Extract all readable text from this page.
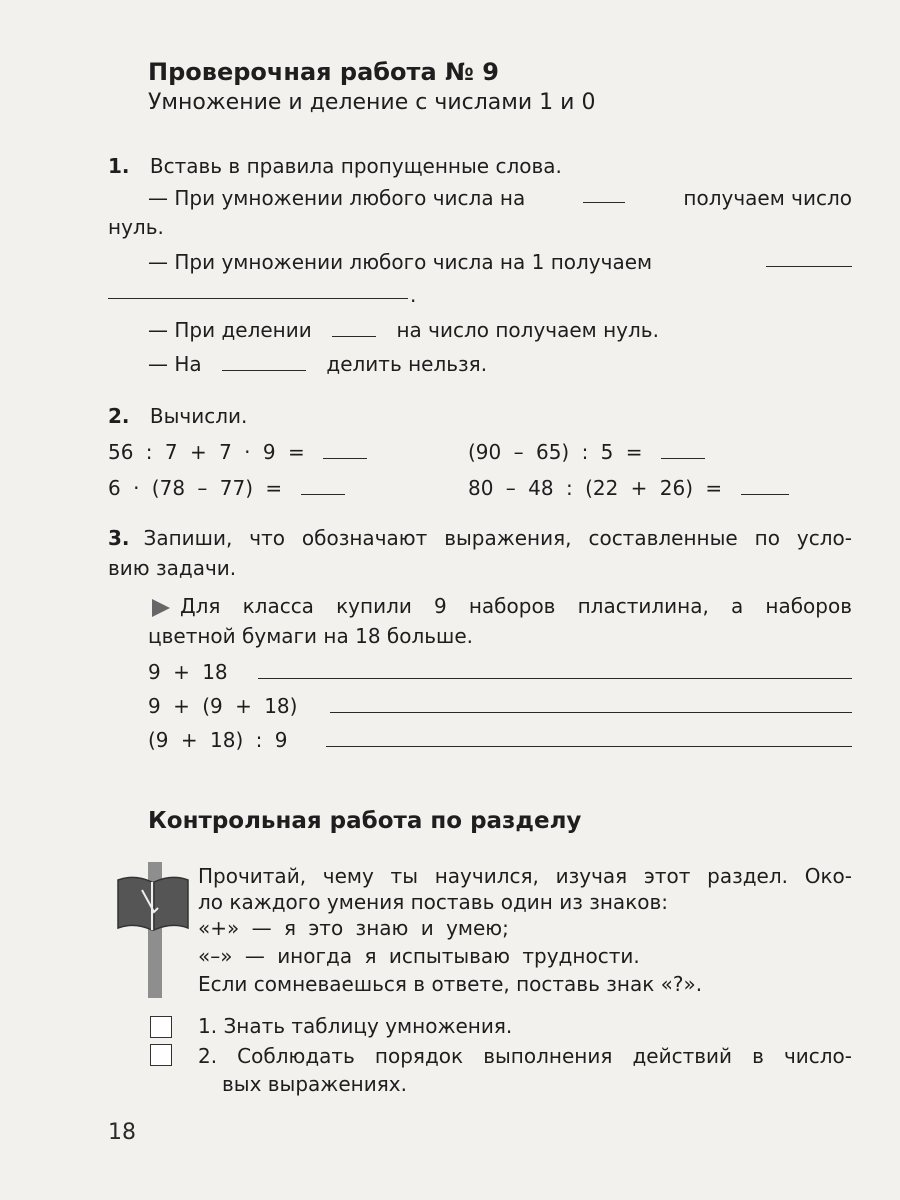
Проверочная работа № 9
Умножение и деление с числами 1 и 0
1. Вставь в правила пропущенные слова.
— При умножении любого числа на	получаем число
нуль.
— При умножении любого числа на 1 получаем
.
— При делении	на число получаем нуль.
— На	делить нельзя.
2. Вычисли.
56 : 7 + 7 · 9 =	(90 – 65) : 5 =
6 · (78 – 77) =	80 – 48 : (22 + 26) =
3. Запиши, что обозначают выражения, составленные по усло-
вию задачи.
Для класса купили 9 наборов пластилина, а наборов
цветной бумаги на 18 больше.
9 + 18
9 + (9 + 18)
(9 + 18) : 9
Контрольная работа по разделу
Прочитай, чему ты научился, изучая этот раздел. Око-
ло каждого умения поставь один из знаков:
«+» — я это знаю и умею;
«–» — иногда я испытываю трудности.
Если сомневаешься в ответе, поставь знак «?».
1. Знать таблицу умножения.
2. Соблюдать порядок выполнения действий в число-
вых выражениях.
18
